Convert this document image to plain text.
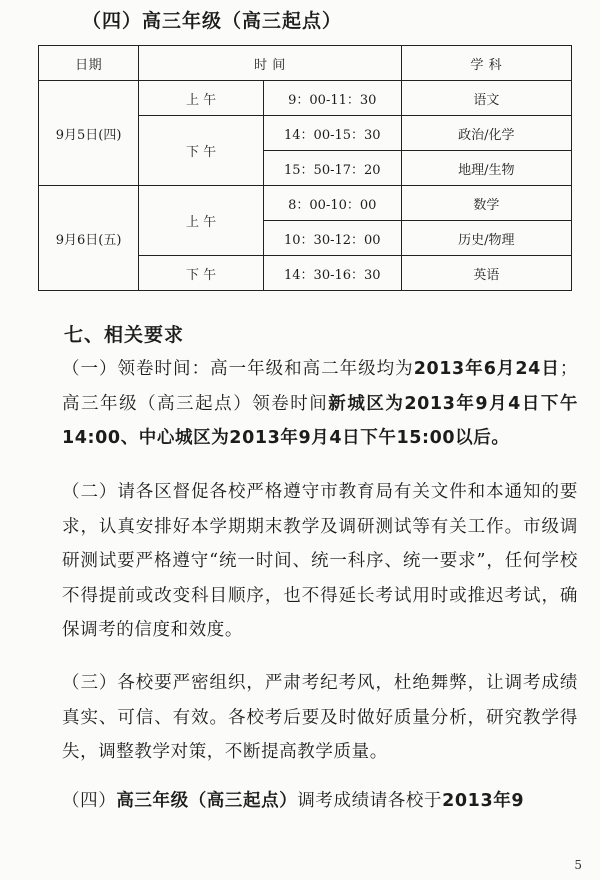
（四）高三年级（高三起点）
日期	时 间		学 科
9月5日(四)	上 午	9：00-11：30	语文
	下 午	14：00-15：30	政治/化学
		15：50-17：20	地理/生物
9月6日(五)	上 午	8：00-10：00	数学
		10：30-12：00	历史/物理
	下 午	14：30-16：30	英语
七、相关要求
（一）领卷时间：高一年级和高二年级均为2013年6月24日；高三年级（高三起点）领卷时间新城区为2013年9月4日下午14:00、中心城区为2013年9月4日下午15:00以后。
（二）请各区督促各校严格遵守市教育局有关文件和本通知的要求，认真安排好本学期期末教学及调研测试等有关工作。市级调研测试要严格遵守“统一时间、统一科序、统一要求”，任何学校不得提前或改变科目顺序，也不得延长考试用时或推迟考试，确保调考的信度和效度。
（三）各校要严密组织，严肃考纪考风，杜绝舞弊，让调考成绩真实、可信、有效。各校考后要及时做好质量分析，研究教学得失，调整教学对策，不断提高教学质量。
（四）高三年级（高三起点）调考成绩请各校于2013年9
5
